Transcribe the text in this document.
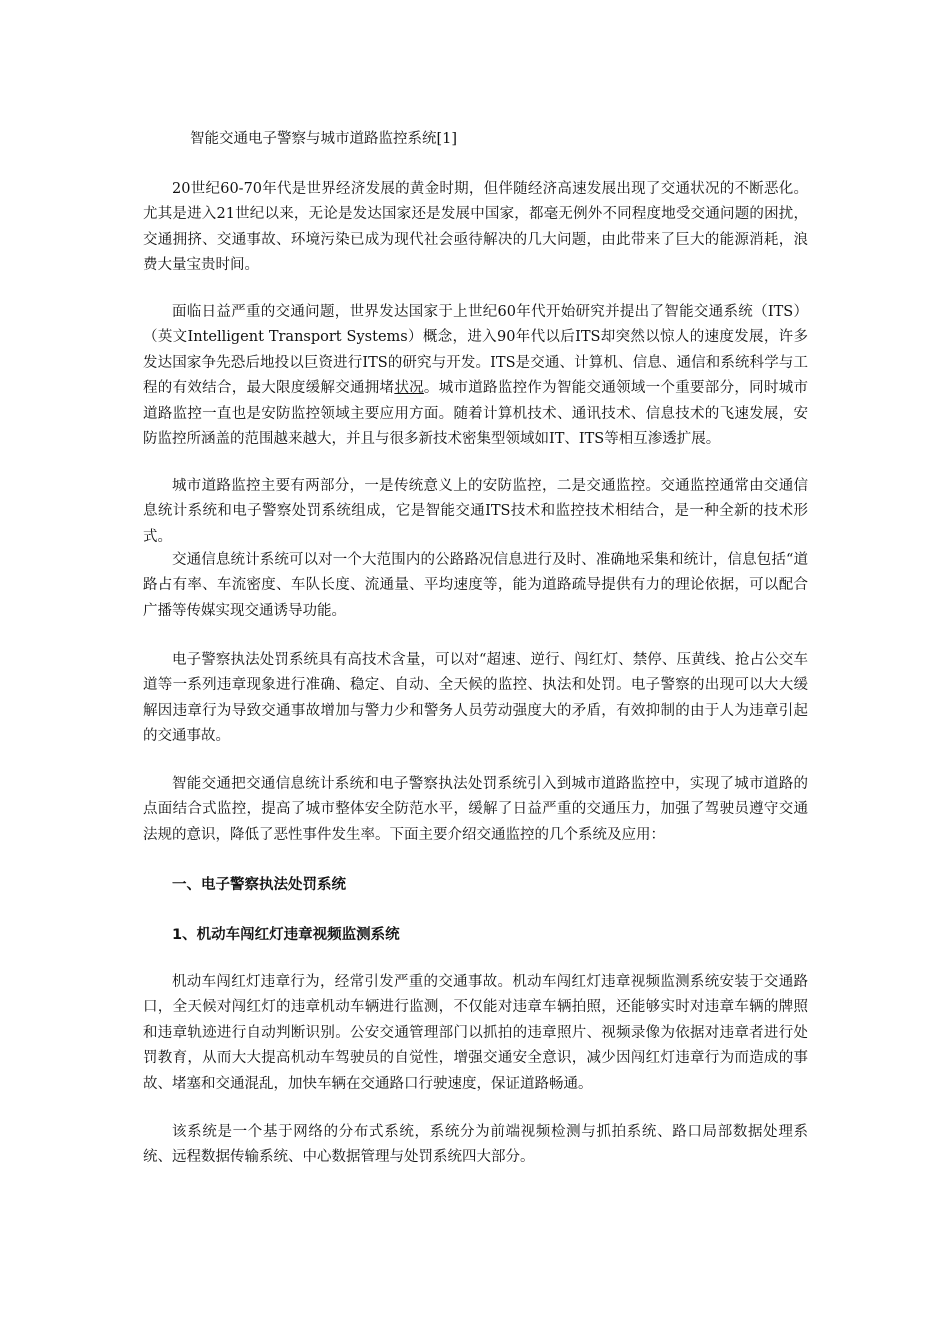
智能交通电子警察与城市道路监控系统[1]

20世纪60-70年代是世界经济发展的黄金时期，但伴随经济高速发展出现了交通状况的不断恶化。尤其是进入21世纪以来，无论是发达国家还是发展中国家，都毫无例外不同程度地受交通问题的困扰，交通拥挤、交通事故、环境污染已成为现代社会亟待解决的几大问题，由此带来了巨大的能源消耗，浪费大量宝贵时间。

面临日益严重的交通问题，世界发达国家于上世纪60年代开始研究并提出了智能交通系统（ITS）（英文Intelligent Transport Systems）概念，进入90年代以后ITS却突然以惊人的速度发展，许多发达国家争先恐后地投以巨资进行ITS的研究与开发。ITS是交通、计算机、信息、通信和系统科学与工程的有效结合，最大限度缓解交通拥堵状况。城市道路监控作为智能交通领域一个重要部分，同时城市道路监控一直也是安防监控领域主要应用方面。随着计算机技术、通讯技术、信息技术的飞速发展，安防监控所涵盖的范围越来越大，并且与很多新技术密集型领域如IT、ITS等相互渗透扩展。

城市道路监控主要有两部分，一是传统意义上的安防监控，二是交通监控。交通监控通常由交通信息统计系统和电子警察处罚系统组成，它是智能交通ITS技术和监控技术相结合，是一种全新的技术形式。

交通信息统计系统可以对一个大范围内的公路路况信息进行及时、准确地采集和统计，信息包括“道路占有率、车流密度、车队长度、流通量、平均速度等，能为道路疏导提供有力的理论依据，可以配合广播等传媒实现交通诱导功能。

电子警察执法处罚系统具有高技术含量，可以对“超速、逆行、闯红灯、禁停、压黄线、抢占公交车道等一系列违章现象进行准确、稳定、自动、全天候的监控、执法和处罚。电子警察的出现可以大大缓解因违章行为导致交通事故增加与警力少和警务人员劳动强度大的矛盾，有效抑制的由于人为违章引起的交通事故。

智能交通把交通信息统计系统和电子警察执法处罚系统引入到城市道路监控中，实现了城市道路的点面结合式监控，提高了城市整体安全防范水平，缓解了日益严重的交通压力，加强了驾驶员遵守交通法规的意识，降低了恶性事件发生率。下面主要介绍交通监控的几个系统及应用：

一、电子警察执法处罚系统
1、机动车闯红灯违章视频监测系统

机动车闯红灯违章行为，经常引发严重的交通事故。机动车闯红灯违章视频监测系统安装于交通路口，全天候对闯红灯的违章机动车辆进行监测，不仅能对违章车辆拍照，还能够实时对违章车辆的牌照和违章轨迹进行自动判断识别。公安交通管理部门以抓拍的违章照片、视频录像为依据对违章者进行处罚教育，从而大大提高机动车驾驶员的自觉性，增强交通安全意识，减少因闯红灯违章行为而造成的事故、堵塞和交通混乱，加快车辆在交通路口行驶速度，保证道路畅通。

该系统是一个基于网络的分布式系统，系统分为前端视频检测与抓拍系统、路口局部数据处理系统、远程数据传输系统、中心数据管理与处罚系统四大部分。
